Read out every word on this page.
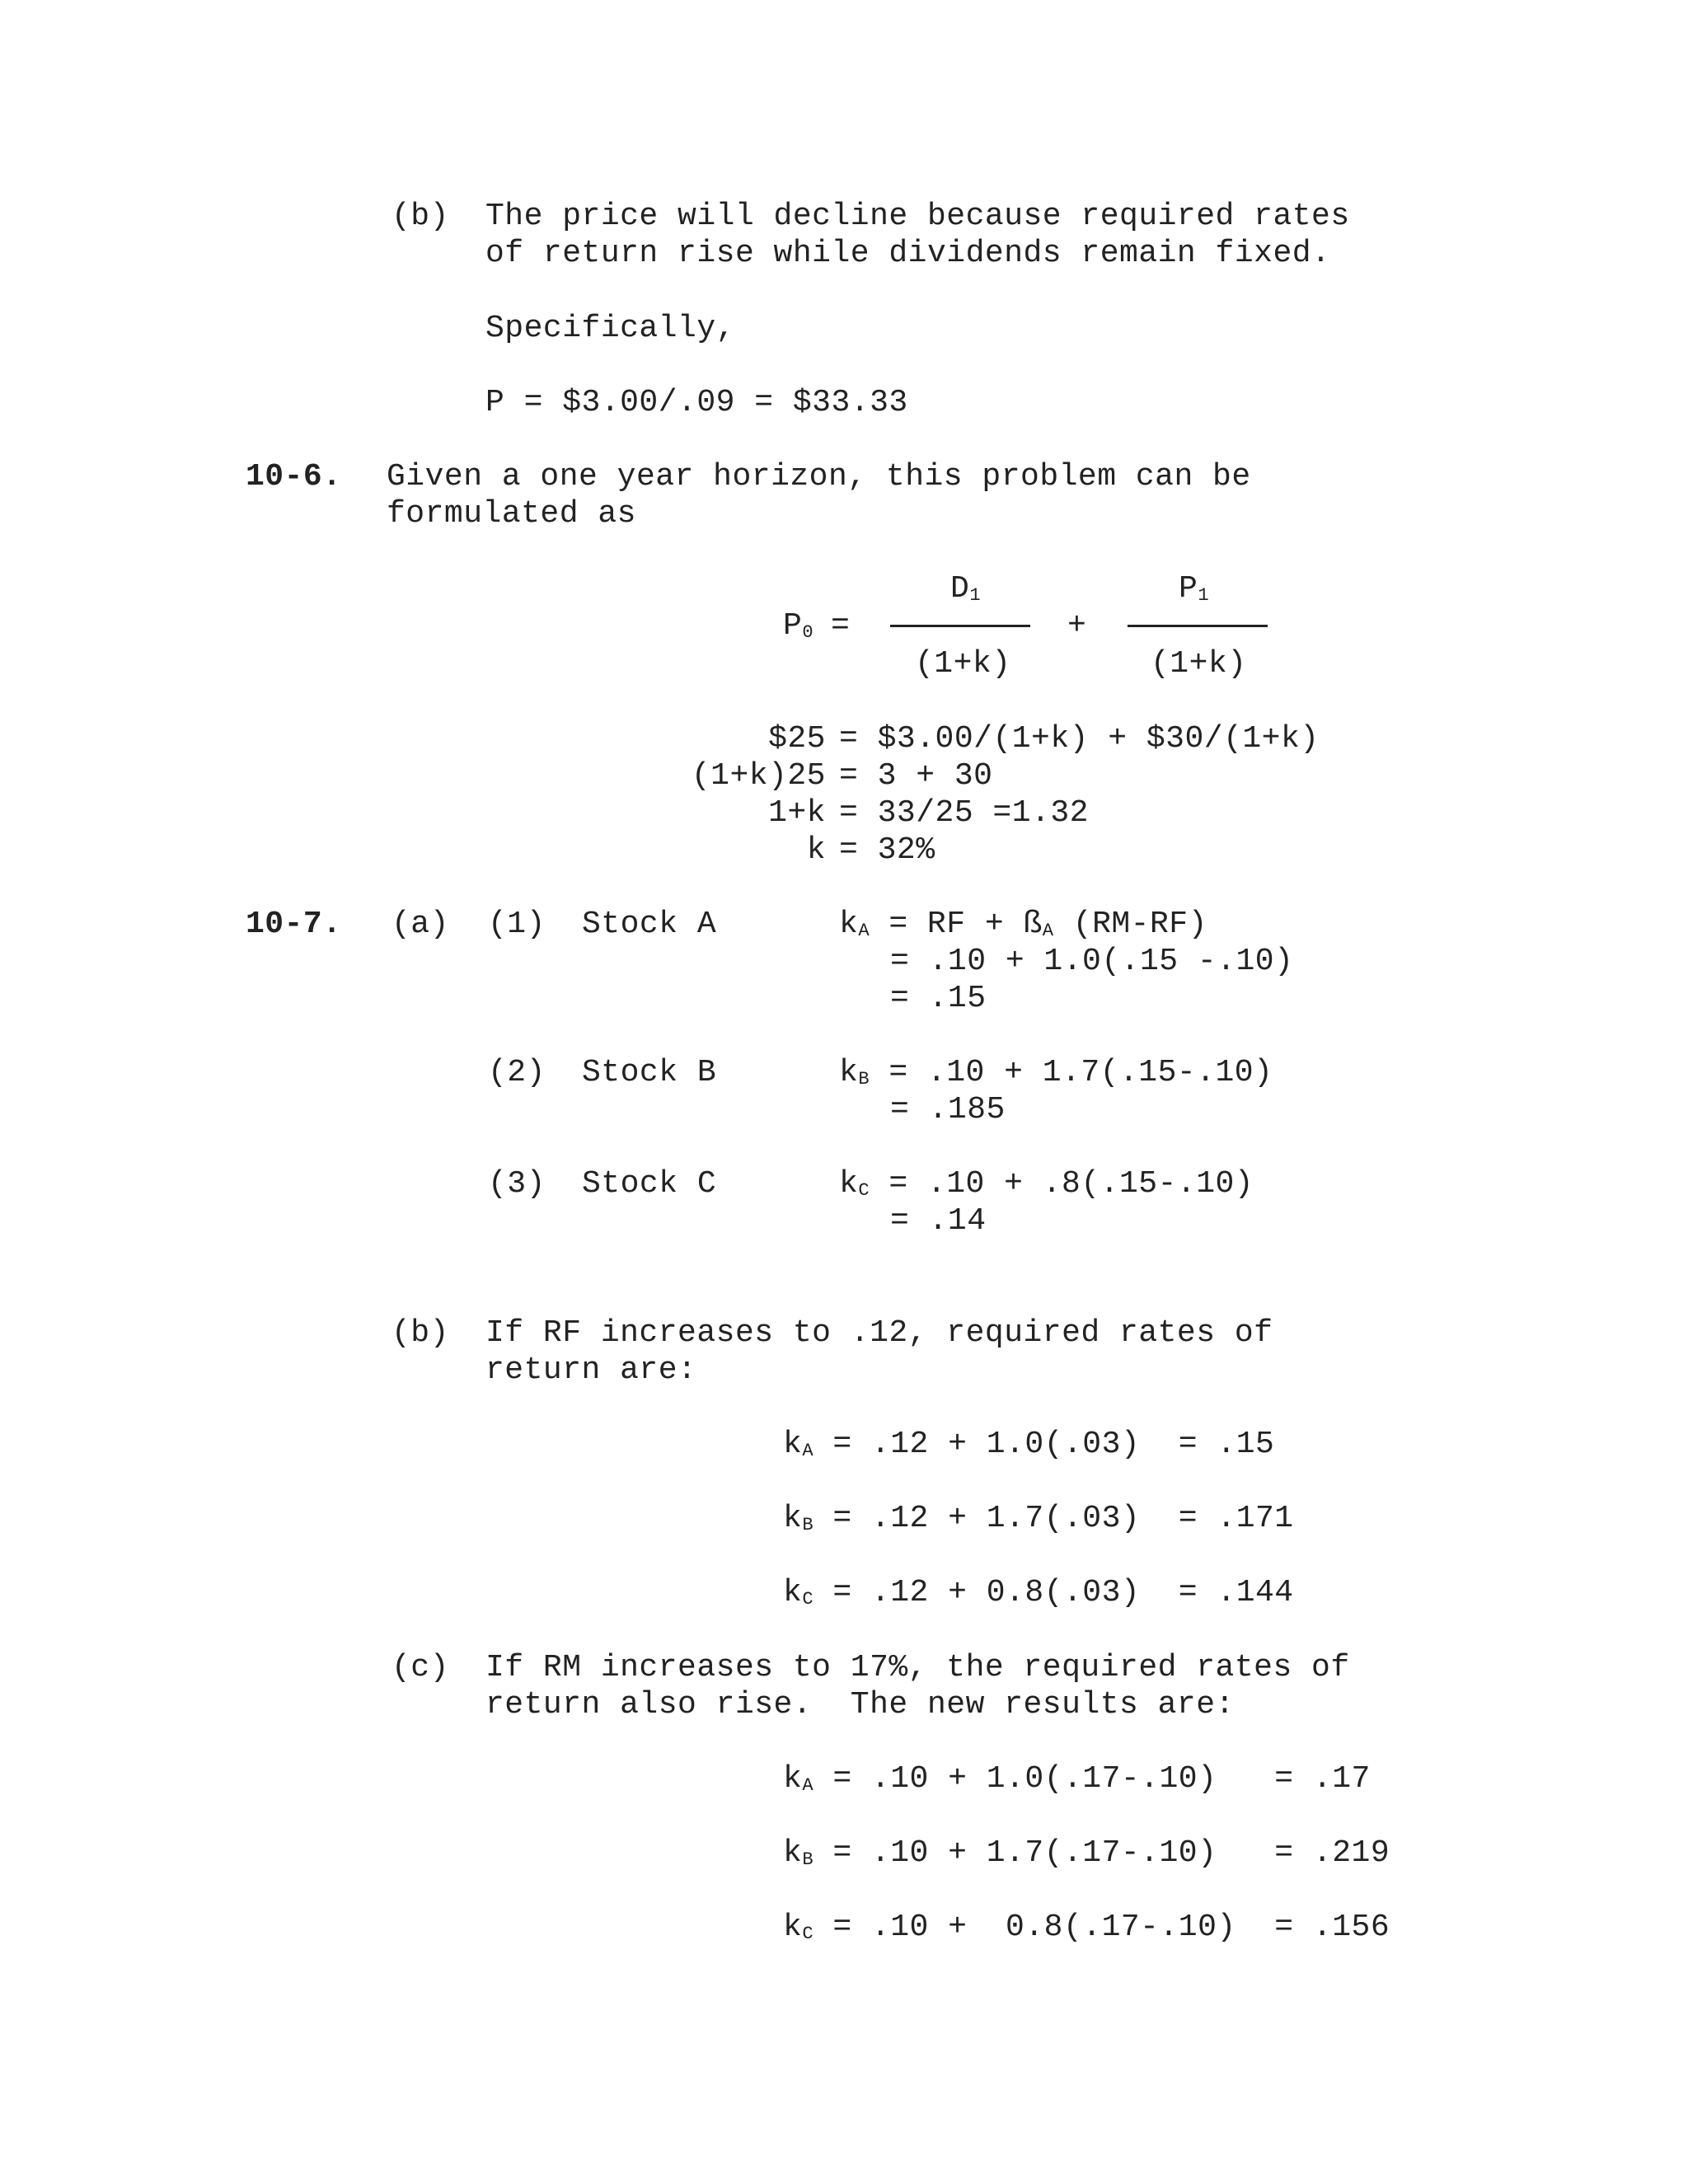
(b) The price will decline because required rates
of return rise while dividends remain fixed.
Specifically,
P = $3.00/.09 = $33.33
10-6. Given a one year horizon, this problem can be
formulated as
P0 =
D1
(1+k)
+
P1
(1+k)
$25 = $3.00/(1+k) + $30/(1+k)
(1+k)25 = 3 + 30
1+k = 33/25 =1.32
k = 32%
10-7. (a) (1) Stock A	kA = RF + ßA (RM-RF)
= .10 + 1.0(.15 -.10)
= .15
(2) Stock B	kB = .10 + 1.7(.15-.10)
= .185
(3) Stock C	kC = .10 + .8(.15-.10)
= .14
(b) If RF increases to .12, required rates of
return are:
kA = .12 + 1.0(.03)  = .15
kB = .12 + 1.7(.03)  = .171
kC = .12 + 0.8(.03)  = .144
(c) If RM increases to 17%, the required rates of
return also rise.  The new results are:
kA = .10 + 1.0(.17-.10)   = .17
kB = .10 + 1.7(.17-.10)   = .219
kC = .10 +  0.8(.17-.10)  = .156
